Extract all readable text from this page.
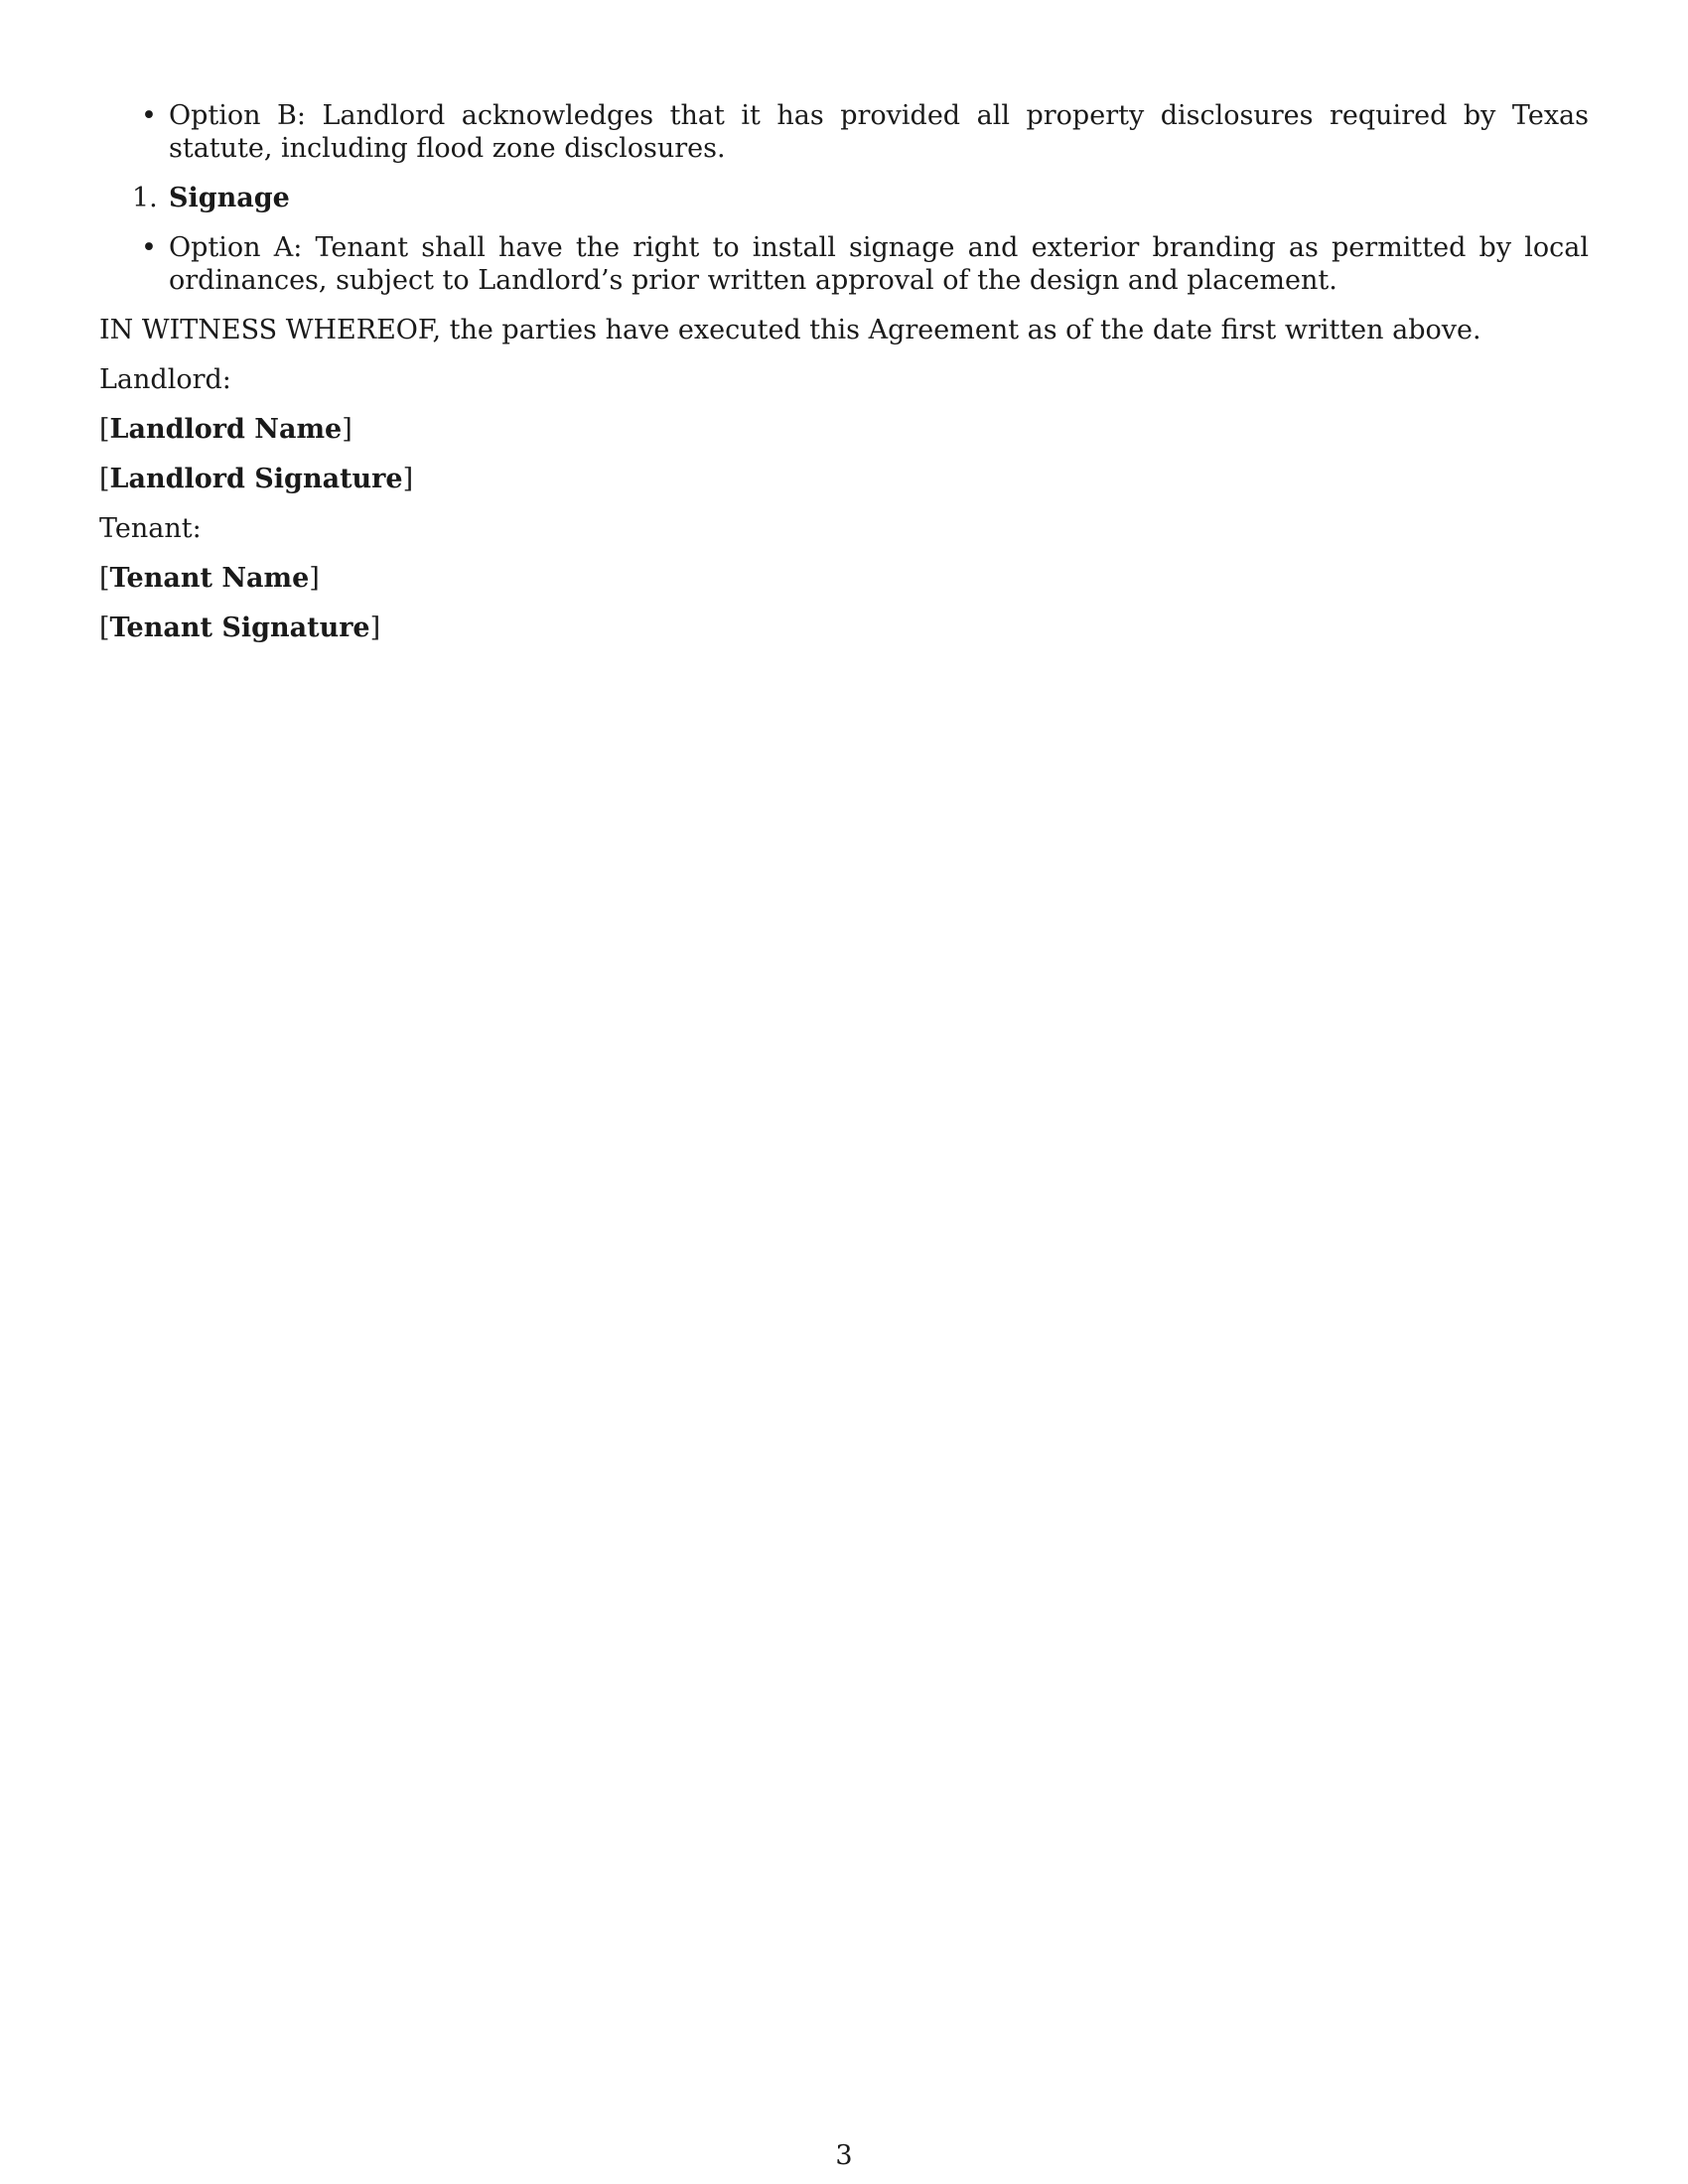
• Option B: Landlord acknowledges that it has provided all property disclosures required by Texas statute, including flood zone disclosures.
1. Signage
• Option A: Tenant shall have the right to install signage and exterior branding as permitted by local ordinances, subject to Landlord’s prior written approval of the design and placement.

IN WITNESS WHEREOF, the parties have executed this Agreement as of the date first written above.

Landlord:

[Landlord Name]

[Landlord Signature]

Tenant:

[Tenant Name]

[Tenant Signature]

3
